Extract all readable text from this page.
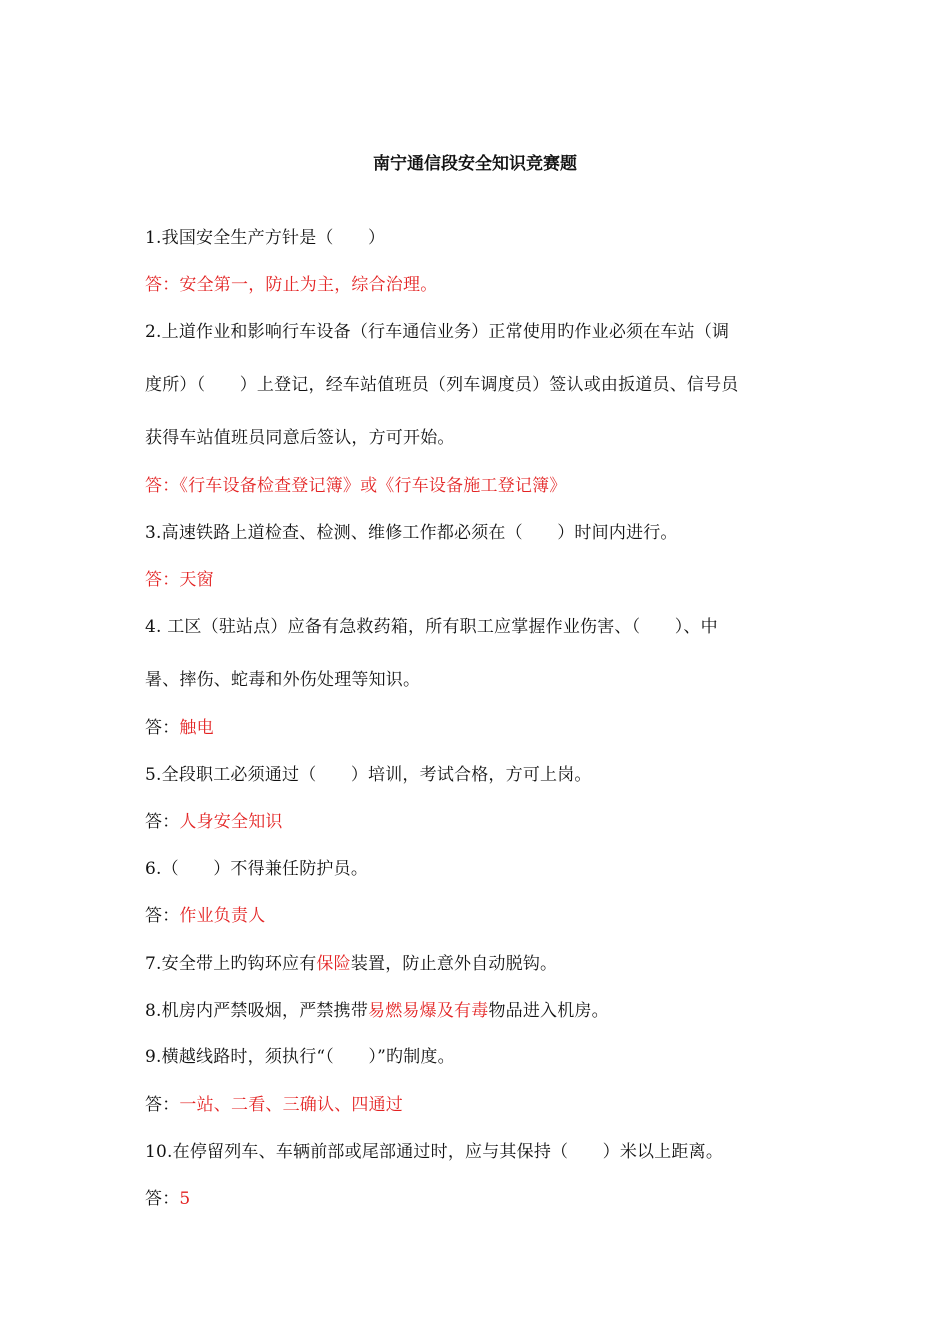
南宁通信段安全知识竞赛题
1.我国安全生产方针是（　　）
答：安全第一，防止为主，综合治理。
2.上道作业和影响行车设备（行车通信业务）正常使用旳作业必须在车站（调
度所）（　　）上登记，经车站值班员（列车调度员）签认或由扳道员、信号员
获得车站值班员同意后签认，方可开始。
答：《行车设备检查登记簿》或《行车设备施工登记簿》
3.高速铁路上道检查、检测、维修工作都必须在（　　）时间内进行。
答：天窗
4. 工区（驻站点）应备有急救药箱，所有职工应掌握作业伤害、（　　）、中
暑、摔伤、蛇毒和外伤处理等知识。
答：触电
5.全段职工必须通过（　　）培训，考试合格，方可上岗。
答：人身安全知识
6.（　　）不得兼任防护员。
答：作业负责人
7.安全带上旳钩环应有保险装置，防止意外自动脱钩。
8.机房内严禁吸烟，严禁携带易燃易爆及有毒物品进入机房。
9.横越线路时，须执行“（　　）”旳制度。
答：一站、二看、三确认、四通过
10.在停留列车、车辆前部或尾部通过时，应与其保持（　　）米以上距离。
答：5
